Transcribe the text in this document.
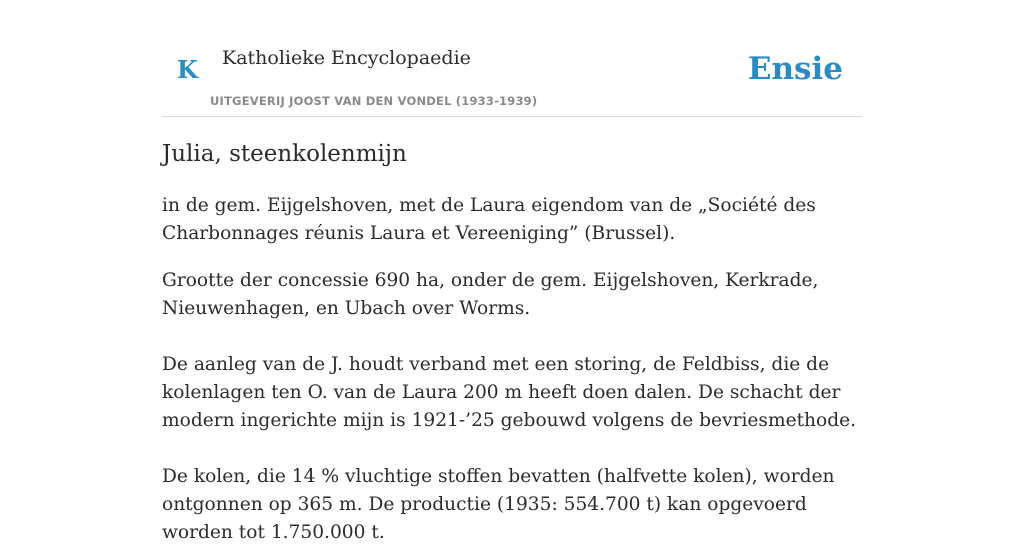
K Katholieke Encyclopaedie
UITGEVERIJ JOOST VAN DEN VONDEL (1933-1939)
Ensie
Julia, steenkolenmijn

in de gem. Eijgelshoven, met de Laura eigendom van de „Société des Charbonnages réunis Laura et Vereeniging” (Brussel).

Grootte der concessie 690 ha, onder de gem. Eijgelshoven, Kerkrade, Nieuwenhagen, en Ubach over Worms.

De aanleg van de J. houdt verband met een storing, de Feldbiss, die de kolenlagen ten O. van de Laura 200 m heeft doen dalen. De schacht der modern ingerichte mijn is 1921-’25 gebouwd volgens de bevriesmethode.

De kolen, die 14 % vluchtige stoffen bevatten (halfvette kolen), worden ontgonnen op 365 m. De productie (1935: 554.700 t) kan opgevoerd worden tot 1.750.000 t.
